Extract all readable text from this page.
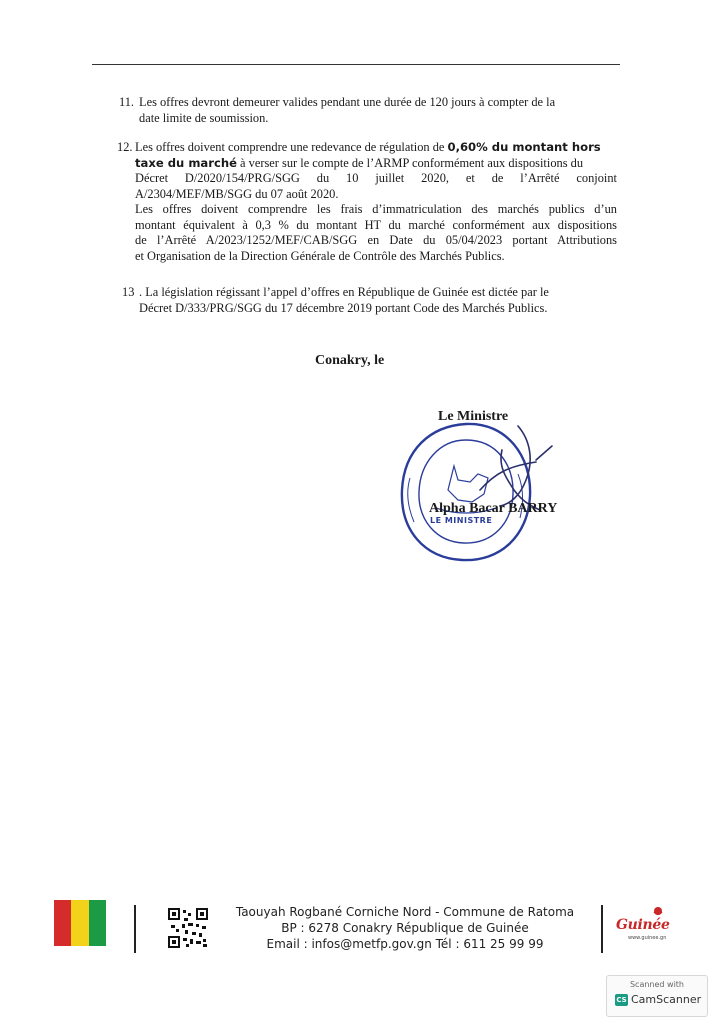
11. Les offres devront demeurer valides pendant une durée de 120 jours à compter de la
date limite de soumission.
12. Les offres doivent comprendre une redevance de régulation de 0,60% du montant hors
taxe du marché à verser sur le compte de l’ARMP conformément aux dispositions du
Décret D/2020/154/PRG/SGG du 10 juillet 2020, et de l’Arrêté conjoint
A/2304/MEF/MB/SGG du 07 août 2020.
Les offres doivent comprendre les frais d’immatriculation des marchés publics d’un
montant équivalent à 0,3 % du montant HT du marché conformément aux dispositions
de l’Arrêté A/2023/1252/MEF/CAB/SGG en Date du 05/04/2023 portant Attributions
et Organisation de la Direction Générale de Contrôle des Marchés Publics.
13 . La législation régissant l’appel d’offres en République de Guinée est dictée par le
Décret D/333/PRG/SGG du 17 décembre 2019 portant Code des Marchés Publics.
Conakry, le
Le Ministre
Alpha Bacar BARRY
LE MINISTRE
Taouyah Rogbané Corniche Nord - Commune de Ratoma
BP : 6278 Conakry République de Guinée
Email : infos@metfp.gov.gn Tél : 611 25 99 99
Guinée
www.guinee.gn
Scanned with
CS CamScanner
